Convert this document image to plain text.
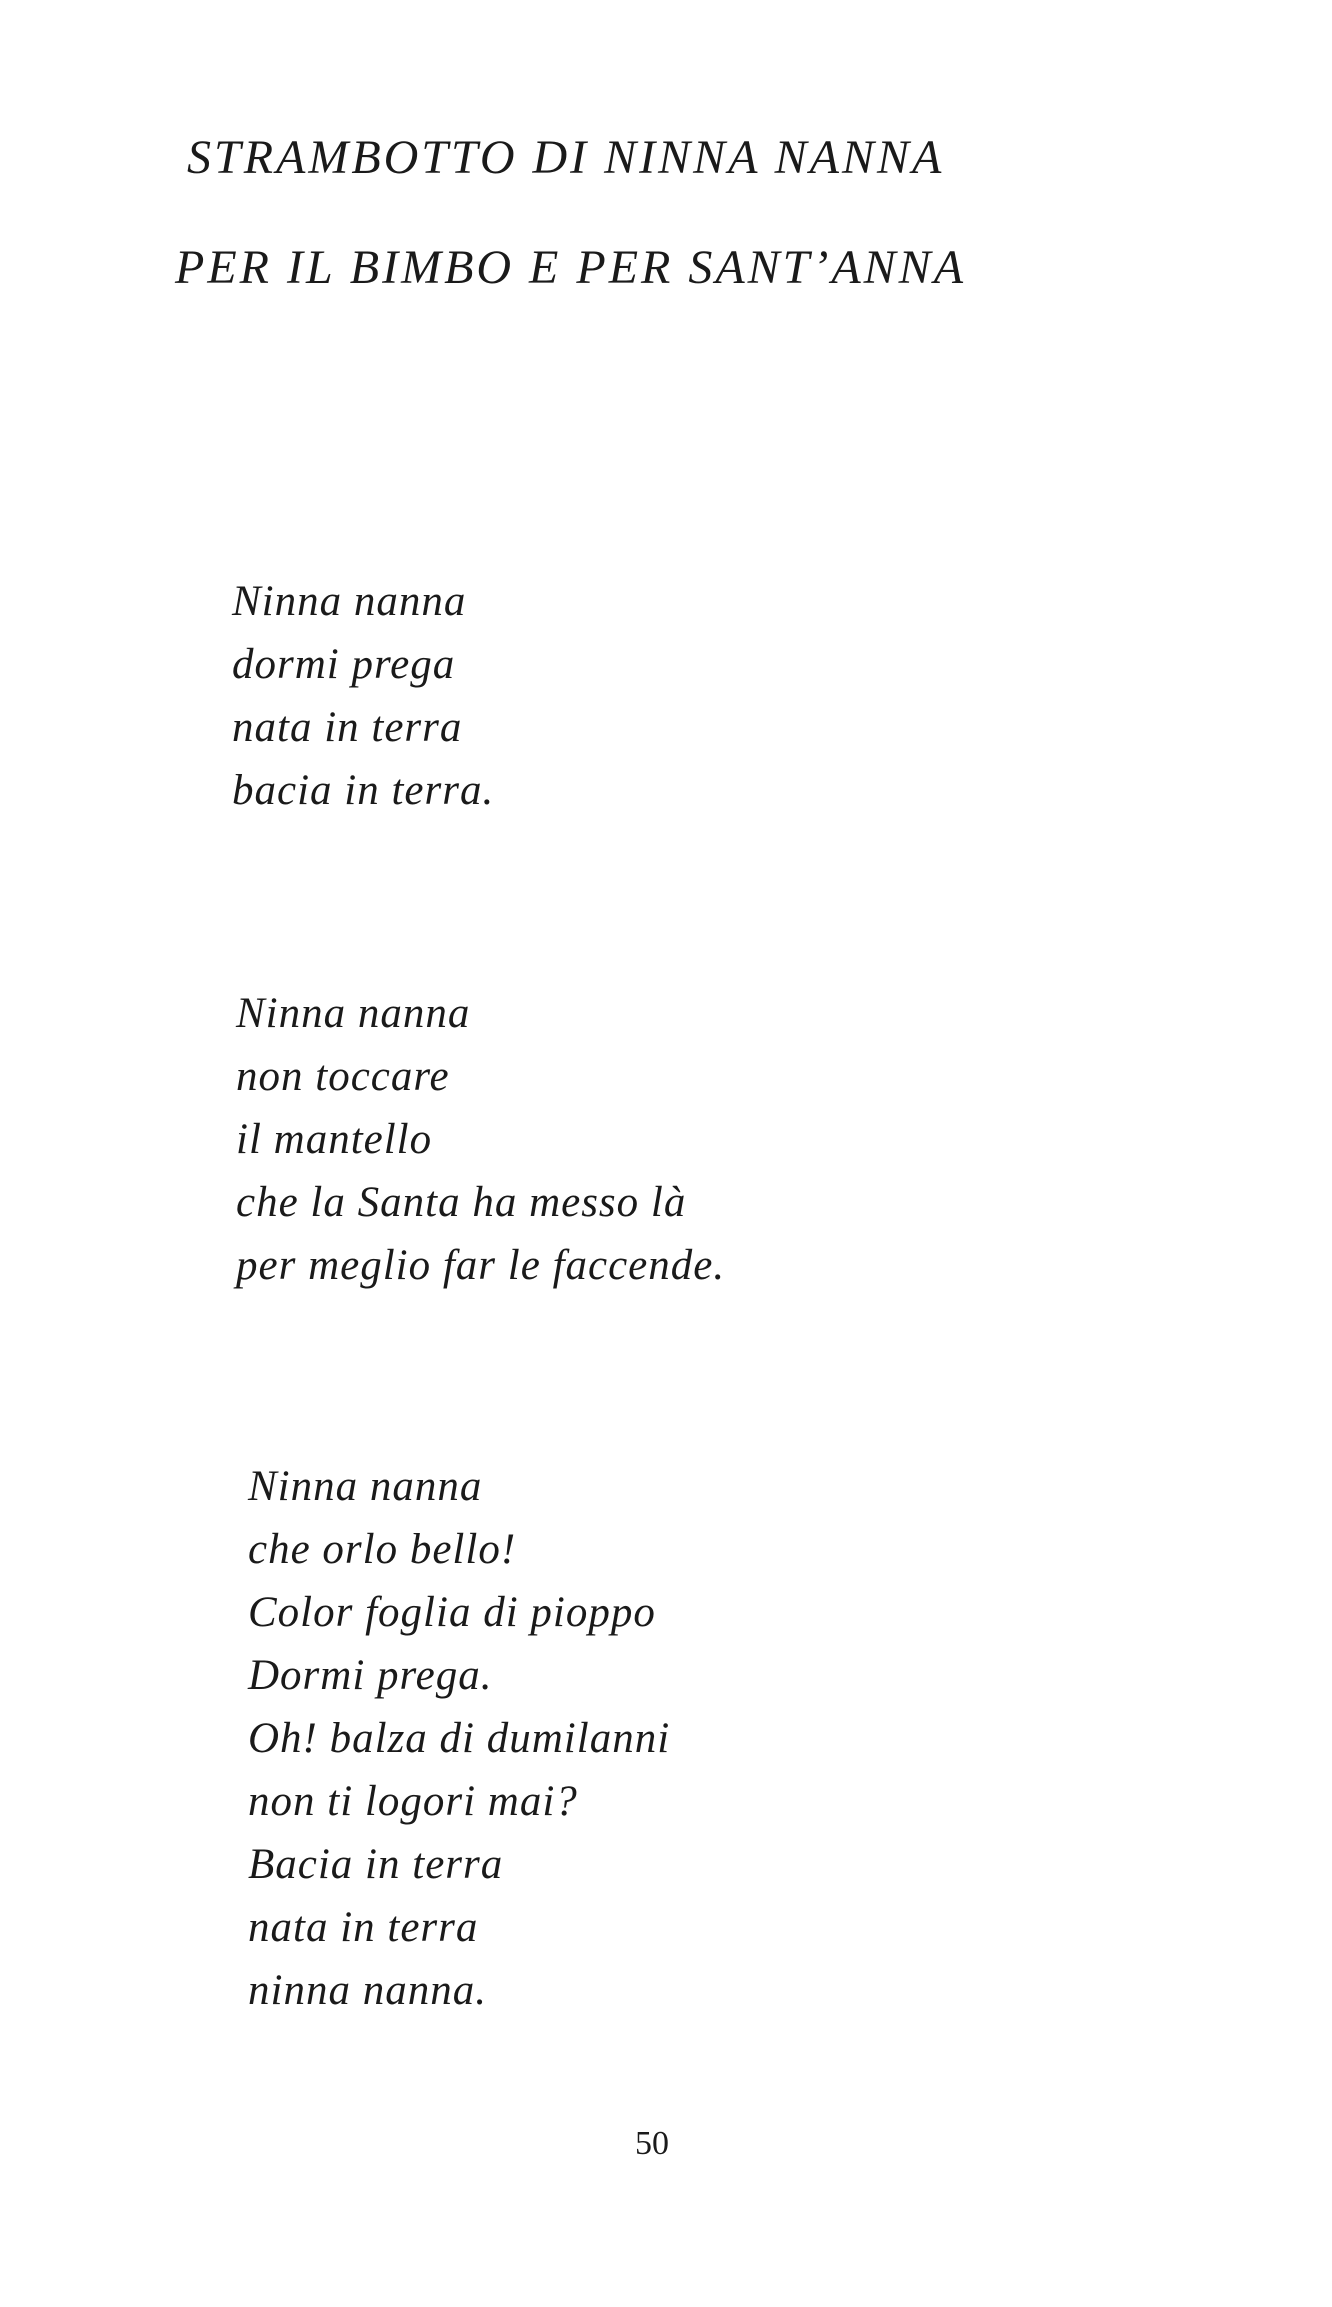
STRAMBOTTO DI NINNA NANNA
PER IL BIMBO E PER SANT’ANNA
Ninna nanna
dormi prega
nata in terra
bacia in terra.
Ninna nanna
non toccare
il mantello
che la Santa ha messo là
per meglio far le faccende.
Ninna nanna
che orlo bello!
Color foglia di pioppo
Dormi prega.
Oh! balza di dumilanni
non ti logori mai?
Bacia in terra
nata in terra
ninna nanna.

50
